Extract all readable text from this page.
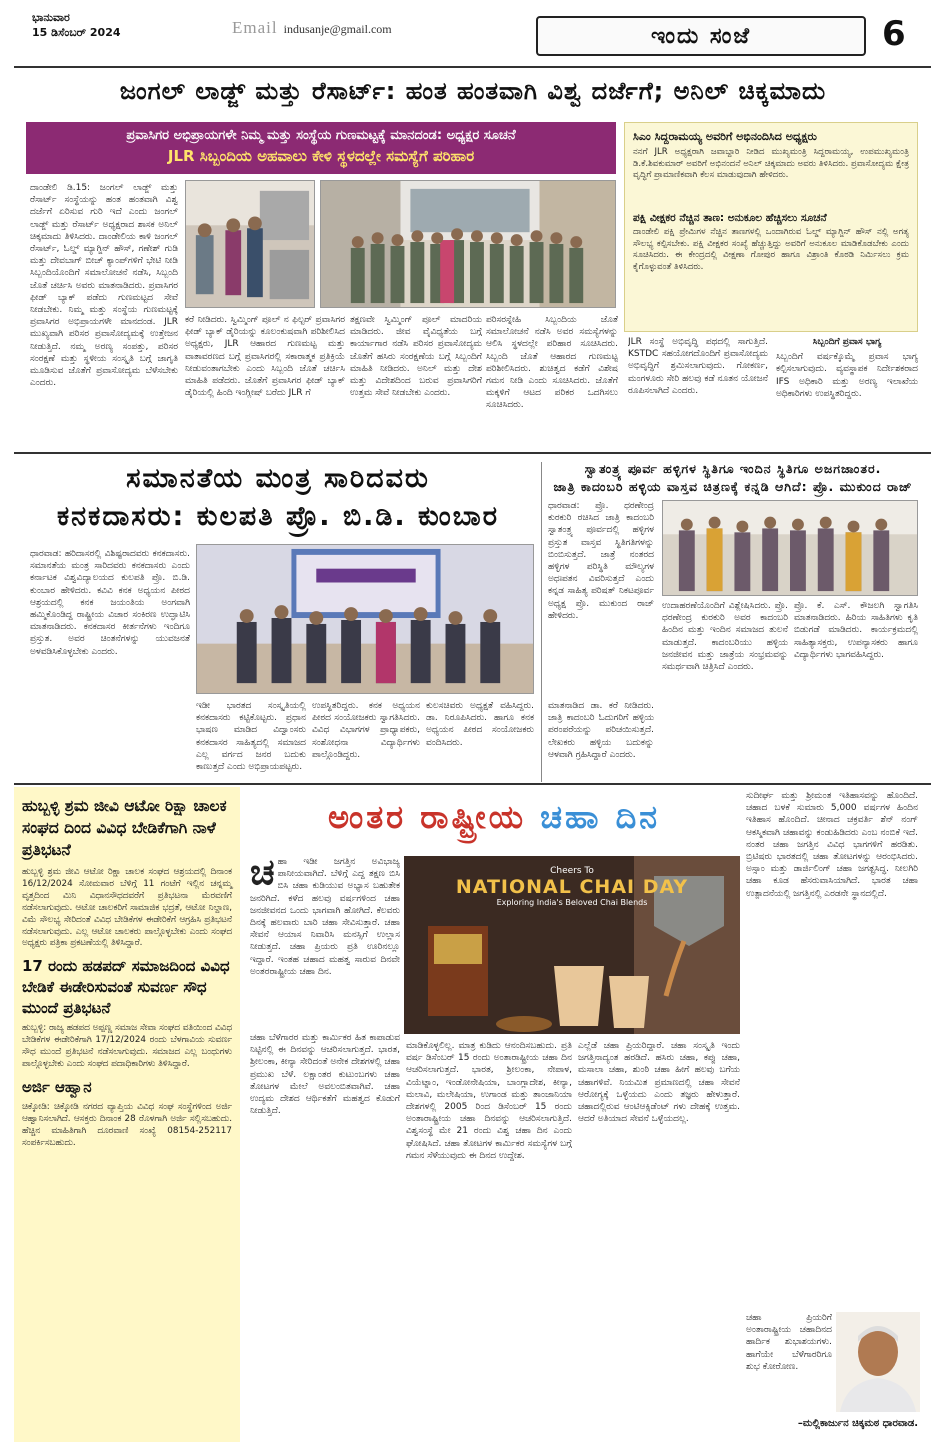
ಭಾನುವಾರ
15 ಡಿಸೆಂಬರ್ 2024	Email indusanje@gmail.com	ಇಂದು ಸಂಜೆ	6
ಜಂಗಲ್ ಲಾಡ್ಜ್ ಮತ್ತು ರೆಸಾರ್ಟ್: ಹಂತ ಹಂತವಾಗಿ ವಿಶ್ವ ದರ್ಜೆಗೆ; ಅನಿಲ್ ಚಿಕ್ಕಮಾದು
ಪ್ರವಾಸಿಗರ ಅಭಿಪ್ರಾಯಗಳೇ ನಿಮ್ಮ ಮತ್ತು ಸಂಸ್ಥೆಯ ಗುಣಮಟ್ಟಕ್ಕೆ ಮಾನದಂಡ: ಅಧ್ಯಕ್ಷರ ಸೂಚನೆ
JLR ಸಿಬ್ಬಂದಿಯ ಅಹವಾಲು ಕೇಳಿ ಸ್ಥಳದಲ್ಲೇ ಸಮಸ್ಯೆಗೆ ಪರಿಹಾರ
ದಾಂಡೇಲಿ ಡಿ.15: ಜಂಗಲ್ ಲಾಡ್ಜ್ ಮತ್ತು ರೆಸಾರ್ಟ್ ಸಂಸ್ಥೆಯನ್ನು ಹಂತ ಹಂತವಾಗಿ ವಿಶ್ವ ದರ್ಜೆಗೆ ಏರಿಸುವ ಗುರಿ ಇದೆ ಎಂದು ಜಂಗಲ್ ಲಾಡ್ಜ್ ಮತ್ತು ರೆಸಾರ್ಟ್ ಅಧ್ಯಕ್ಷರಾದ ಶಾಸಕ ಅನಿಲ್ ಚಿಕ್ಕಮಾದು ತಿಳಿಸಿದರು. ದಾಂಡೇಲಿಯ ಕಾಳಿ ಜಂಗಲ್ ರೆಸಾರ್ಟ್, ಓಲ್ಡ್ ಮ್ಯಾಗ್ಜಿನ್ ಹೌಸ್, ಗಣೇಶ್ ಗುಡಿ ಮತ್ತು ದೇವಬಾಗ್ ಬೀಚ್ ಕ್ಯಾಂಪ್‌ಗಳಿಗೆ ಭೇಟಿ ನೀಡಿ ಸಿಬ್ಬಂದಿಯೊಂದಿಗೆ ಸಮಾಲೋಚನೆ ನಡೆಸಿ, ಸಿಬ್ಬಂದಿ ಜೊತೆ ಚರ್ಚಿಸಿ ಅವರು ಮಾತನಾಡಿದರು. ಪ್ರವಾಸಿಗರ ಫೀಡ್ ಬ್ಯಾಕ್ ಪಡೆದು ಗುಣಮಟ್ಟದ ಸೇವೆ ನೀಡಬೇಕು. ನಿಮ್ಮ ಮತ್ತು ಸಂಸ್ಥೆಯ ಗುಣಮಟ್ಟಕ್ಕೆ ಪ್ರವಾಸಿಗರ ಅಭಿಪ್ರಾಯಗಳೇ ಮಾನದಂಡ. JLR ಮುಖ್ಯವಾಗಿ ಪರಿಸರ ಪ್ರವಾಸೋದ್ಯಮಕ್ಕೆ ಉತ್ತೇಜನ ನೀಡುತ್ತಿದೆ. ನಮ್ಮ ಅರಣ್ಯ ಸಂಪತ್ತು, ಪರಿಸರ ಸಂರಕ್ಷಣೆ ಮತ್ತು ಸ್ಥಳೀಯ ಸಂಸ್ಕೃತಿ ಬಗ್ಗೆ ಜಾಗೃತಿ ಮೂಡಿಸುವ ಜೊತೆಗೆ ಪ್ರವಾಸೋದ್ಯಮ ಬೆಳೆಸಬೇಕು ಎಂದರು.
ಕರೆ ನೀಡಿದರು. ಸ್ವಿಮ್ಮಿಂಗ್ ಪೂಲ್ ನ ಫಿಲ್ಟರ್ ಪ್ರವಾಸಿಗರ ಫೀಡ್ ಬ್ಯಾಕ್ ಡೈರಿಯನ್ನು ಕೂಲಂಕುಷವಾಗಿ ಪರಿಶೀಲಿಸಿದ ಅಧ್ಯಕ್ಷರು, JLR ಆಹಾರದ ಗುಣಮಟ್ಟ ಮತ್ತು ವಾತಾವರಣದ ಬಗ್ಗೆ ಪ್ರವಾಸಿಗರಲ್ಲಿ ಸಕಾರಾತ್ಮಕ ಪ್ರತಿಕ್ರಿಯೆ ನೀಡುವಂತಾಗಬೇಕು ಎಂದು ಸಿಬ್ಬಂದಿ ಜೊತೆ ಚರ್ಚಿಸಿ ಮಾಹಿತಿ ಪಡೆದರು. ಜೊತೆಗೆ ಪ್ರವಾಸಿಗರ ಫೀಡ್ ಬ್ಯಾಕ್ ಡೈರಿಯಲ್ಲಿ ಹಿಂದಿ ಇಂಗ್ಲೀಷ್ ಬರೆದು JLR ಗೆ
ತಕ್ಷಣವೇ ಸ್ವಿಮ್ಮಿಂಗ್ ಪೂಲ್ ಮಾದರಿಯ ಮಾಡಿದರು. ಜೀವ ವೈವಿಧ್ಯತೆಯ ಬಗ್ಗೆ ಕಾರ್ಯಾಗಾರ ನಡೆಸಿ ಪರಿಸರ ಪ್ರವಾಸೋದ್ಯಮ ಜೊತೆಗೆ ಹಸಿರು ಸಂರಕ್ಷಣೆಯ ಬಗ್ಗೆ ಸಿಬ್ಬಂದಿಗೆ ಮಾಹಿತಿ ನೀಡಿದರು. ಅನಿಲ್ ಮತ್ತು ದೇಶ ಮತ್ತು ವಿದೇಶದಿಂದ ಬರುವ ಪ್ರವಾಸಿಗರಿಗೆ ಉತ್ತಮ ಸೇವೆ ನೀಡಬೇಕು ಎಂದರು.
ಪರಿಸರಸ್ನೇಹಿ ಸಿಬ್ಬಂದಿಯ ಜೊತೆ ಸಮಾಲೋಚನೆ ನಡೆಸಿ ಅವರ ಸಮಸ್ಯೆಗಳನ್ನು ಆಲಿಸಿ ಸ್ಥಳದಲ್ಲೇ ಪರಿಹಾರ ಸೂಚಿಸಿದರು. ಸಿಬ್ಬಂದಿ ಜೊತೆ ಆಹಾರದ ಗುಣಮಟ್ಟ ಪರಿಶೀಲಿಸಿದರು. ಶುಚಿತ್ವದ ಕಡೆಗೆ ವಿಶೇಷ ಗಮನ ನೀಡಿ ಎಂದು ಸೂಚಿಸಿದರು. ಜೊತೆಗೆ ಮಕ್ಕಳಿಗೆ ಆಟದ ಪರಿಕರ ಒದಗಿಸಲು ಸೂಚಿಸಿದರು.
ಸಿಎಂ ಸಿದ್ದರಾಮಯ್ಯ ಅವರಿಗೆ ಅಭಿನಂದಿಸಿದ ಅಧ್ಯಕ್ಷರು
ನನಗೆ JLR ಅಧ್ಯಕ್ಷರಾಗಿ ಜವಾಬ್ದಾರಿ ನೀಡಿದ ಮುಖ್ಯಮಂತ್ರಿ ಸಿದ್ದರಾಮಯ್ಯ, ಉಪಮುಖ್ಯಮಂತ್ರಿ ಡಿ.ಕೆ.ಶಿವಕುಮಾರ್ ಅವರಿಗೆ ಅಭಿನಂದನೆ ಅನಿಲ್ ಚಿಕ್ಕಮಾದು ಅವರು ತಿಳಿಸಿದರು. ಪ್ರವಾಸೋದ್ಯಮ ಕ್ಷೇತ್ರ ವೃದ್ಧಿಗೆ ಪ್ರಾಮಾಣಿಕವಾಗಿ ಕೆಲಸ ಮಾಡುವುದಾಗಿ ಹೇಳಿದರು.
ಪಕ್ಷಿ ವೀಕ್ಷಕರ ನೆಚ್ಚಿನ ತಾಣ: ಅನುಕೂಲ ಹೆಚ್ಚಿಸಲು ಸೂಚನೆ
ದಾಂಡೇಲಿ ಪಕ್ಷಿ ಪ್ರೇಮಿಗಳ ನೆಚ್ಚಿನ ತಾಣಗಳಲ್ಲಿ ಒಂದಾಗಿರುವ ಓಲ್ಡ್ ಮ್ಯಾಗ್ಜಿನ್ ಹೌಸ್ ನಲ್ಲಿ ಅಗತ್ಯ ಸೌಲಭ್ಯ ಕಲ್ಪಿಸಬೇಕು. ಪಕ್ಷಿ ವೀಕ್ಷಕರ ಸಂಖ್ಯೆ ಹೆಚ್ಚುತ್ತಿದ್ದು ಅವರಿಗೆ ಅನುಕೂಲ ಮಾಡಿಕೊಡಬೇಕು ಎಂದು ಸೂಚಿಸಿದರು. ಈ ಕೇಂದ್ರದಲ್ಲಿ ವೀಕ್ಷಣಾ ಗೋಪುರ ಹಾಗೂ ವಿಶ್ರಾಂತಿ ಕೊಠಡಿ ನಿರ್ಮಿಸಲು ಕ್ರಮ ಕೈಗೊಳ್ಳುವಂತೆ ತಿಳಿಸಿದರು.
JLR ಸಂಸ್ಥೆ ಅಭಿವೃದ್ಧಿ ಪಥದಲ್ಲಿ ಸಾಗುತ್ತಿದೆ. KSTDC ಸಹಯೋಗದೊಂದಿಗೆ ಪ್ರವಾಸೋದ್ಯಮ ಅಭಿವೃದ್ಧಿಗೆ ಶ್ರಮಿಸಲಾಗುವುದು. ಗೋಕರ್ಣ, ಮಂಗಳೂರು ಸೇರಿ ಹಲವು ಕಡೆ ನೂತನ ಯೋಜನೆ ರೂಪಿಸಲಾಗಿದೆ ಎಂದರು.

ಸಿಬ್ಬಂದಿಗೆ ಪ್ರವಾಸ ಭಾಗ್ಯ

ಸಿಬ್ಬಂದಿಗೆ ವರ್ಷಕ್ಕೊಮ್ಮೆ ಪ್ರವಾಸ ಭಾಗ್ಯ ಕಲ್ಪಿಸಲಾಗುವುದು. ವ್ಯವಸ್ಥಾಪಕ ನಿರ್ದೇಶಕರಾದ IFS ಅಧಿಕಾರಿ ಮತ್ತು ಅರಣ್ಯ ಇಲಾಖೆಯ ಅಧಿಕಾರಿಗಳು ಉಪಸ್ಥಿತರಿದ್ದರು.

ಸಮಾನತೆಯ ಮಂತ್ರ ಸಾರಿದವರು
ಕನಕದಾಸರು: ಕುಲಪತಿ ಪ್ರೊ. ಬಿ.ಡಿ. ಕುಂಬಾರ
ಧಾರವಾಡ: ಹರಿದಾಸರಲ್ಲಿ ವಿಶಿಷ್ಟರಾದವರು ಕನಕದಾಸರು. ಸಮಾನತೆಯ ಮಂತ್ರ ಸಾರಿದವರು ಕನಕದಾಸರು ಎಂದು ಕರ್ನಾಟಕ ವಿಶ್ವವಿದ್ಯಾಲಯದ ಕುಲಪತಿ ಪ್ರೊ. ಬಿ.ಡಿ. ಕುಂಬಾರ ಹೇಳಿದರು. ಕವಿವಿ ಕನಕ ಅಧ್ಯಯನ ಪೀಠದ ಆಶ್ರಯದಲ್ಲಿ ಕನಕ ಜಯಂತಿಯ ಅಂಗವಾಗಿ ಹಮ್ಮಿಕೊಂಡಿದ್ದ ರಾಷ್ಟ್ರೀಯ ವಿಚಾರ ಸಂಕಿರಣ ಉದ್ಘಾಟಿಸಿ ಮಾತನಾಡಿದರು. ಕನಕದಾಸರ ಕೀರ್ತನೆಗಳು ಇಂದಿಗೂ ಪ್ರಸ್ತುತ. ಅವರ ಚಿಂತನೆಗಳನ್ನು ಯುವಜನತೆ ಅಳವಡಿಸಿಕೊಳ್ಳಬೇಕು ಎಂದರು.
ಇಡೀ ಭಾರತದ ಸಂಸ್ಕೃತಿಯಲ್ಲಿ ಕನಕದಾಸರು ಕಟ್ಟಿಕೊಟ್ಟರು. ಪ್ರಧಾನ ಭಾಷಣ ಮಾಡಿದ ವಿದ್ವಾಂಸರು ಕನಕದಾಸರ ಸಾಹಿತ್ಯದಲ್ಲಿ ಸಮಾಜದ ಎಲ್ಲ ವರ್ಗದ ಜನರ ಬದುಕು ಕಾಣುತ್ತದೆ ಎಂದು ಅಭಿಪ್ರಾಯಪಟ್ಟರು.
ಉಪಸ್ಥಿತರಿದ್ದರು. ಕನಕ ಅಧ್ಯಯನ ಪೀಠದ ಸಂಯೋಜಕರು ಸ್ವಾಗತಿಸಿದರು. ವಿವಿಧ ವಿಭಾಗಗಳ ಪ್ರಾಧ್ಯಾಪಕರು, ಸಂಶೋಧನಾ ವಿದ್ಯಾರ್ಥಿಗಳು ಪಾಲ್ಗೊಂಡಿದ್ದರು.
ಕುಲಸಚಿವರು ಅಧ್ಯಕ್ಷತೆ ವಹಿಸಿದ್ದರು. ಡಾ. ನಿರೂಪಿಸಿದರು. ಹಾಗೂ ಕನಕ ಅಧ್ಯಯನ ಪೀಠದ ಸಂಯೋಜಕರು ವಂದಿಸಿದರು.
ಸ್ವಾತಂತ್ರ್ಯ ಪೂರ್ವ ಹಳ್ಳಿಗಳ ಸ್ಥಿತಿಗೂ ಇಂದಿನ ಸ್ಥಿತಿಗೂ ಅಜಗಜಾಂತರ.
ಜಾತ್ರಿ ಕಾದಂಬರಿ ಹಳ್ಳಿಯ ವಾಸ್ತವ ಚಿತ್ರಣಕ್ಕೆ ಕನ್ನಡಿ ಆಗಿದೆ: ಪ್ರೊ. ಮುಕುಂದ ರಾಜ್
ಧಾರವಾಡ: ಪ್ರೊ. ಧರಣೇಂದ್ರ ಕುರಕುರಿ ರಚಿಸಿದ ಜಾತ್ರಿ ಕಾದಂಬರಿ ಸ್ವಾತಂತ್ರ್ಯ ಪೂರ್ವದಲ್ಲಿ ಹಳ್ಳಿಗಳ ಪ್ರಸ್ತುತ ವಾಸ್ತವ ಸ್ಥಿತಿಗತಿಗಳನ್ನು ಬಿಂಬಿಸುತ್ತದೆ. ಜಾತ್ರೆ ನಂತರದ ಹಳ್ಳಿಗಳ ಪರಿಸ್ಥಿತಿ ಮೌಲ್ಯಗಳ ಅಧಃಪತನ ವಿವರಿಸುತ್ತದೆ ಎಂದು ಕನ್ನಡ ಸಾಹಿತ್ಯ ಪರಿಷತ್ ನಿಕಟಪೂರ್ವ ಅಧ್ಯಕ್ಷ ಪ್ರೊ. ಮುಕುಂದ ರಾಜ್ ಹೇಳಿದರು.
ಮಾತನಾಡಿದ ಡಾ. ಕರೆ ನೀಡಿದರು. ಜಾತ್ರಿ ಕಾದಂಬರಿ ಓದುಗರಿಗೆ ಹಳ್ಳಿಯ ಪರಂಪರೆಯನ್ನು ಪರಿಚಯಿಸುತ್ತದೆ. ಲೇಖಕರು ಹಳ್ಳಿಯ ಬದುಕನ್ನು ಆಳವಾಗಿ ಗ್ರಹಿಸಿದ್ದಾರೆ ಎಂದರು.
ಉದಾಹರಣೆಯೊಂದಿಗೆ ವಿಶ್ಲೇಷಿಸಿದರು. ಪ್ರೊ. ಧರಣೇಂದ್ರ ಕುರಕುರಿ ಅವರ ಕಾದಂಬರಿ ಹಿಂದಿನ ಮತ್ತು ಇಂದಿನ ಸಮಾಜದ ತುಲನೆ ಮಾಡುತ್ತದೆ. ಕಾದಂಬರಿಯು ಹಳ್ಳಿಯ ಜನಜೀವನ ಮತ್ತು ಜಾತ್ರೆಯ ಸಂಭ್ರಮವನ್ನು ಸಮರ್ಥವಾಗಿ ಚಿತ್ರಿಸಿದೆ ಎಂದರು.
ಪ್ರೊ. ಕೆ. ಎಸ್. ಕೌಜಲಗಿ ಸ್ವಾಗತಿಸಿ ಮಾತನಾಡಿದರು. ಹಿರಿಯ ಸಾಹಿತಿಗಳು ಕೃತಿ ಬಿಡುಗಡೆ ಮಾಡಿದರು. ಕಾರ್ಯಕ್ರಮದಲ್ಲಿ ಸಾಹಿತ್ಯಾಸಕ್ತರು, ಉಪನ್ಯಾಸಕರು ಹಾಗೂ ವಿದ್ಯಾರ್ಥಿಗಳು ಭಾಗವಹಿಸಿದ್ದರು.
ಹುಬ್ಬಳ್ಳಿ ಶ್ರಮ ಜೀವಿ ಆಟೋ ರಿಕ್ಷಾ ಚಾಲಕ ಸಂಘದ ದಿಂದ ವಿವಿಧ ಬೇಡಿಕೆಗಾಗಿ ನಾಳೆ ಪ್ರತಿಭಟನೆ
ಹುಬ್ಬಳ್ಳಿ ಶ್ರಮ ಜೀವಿ ಆಟೋ ರಿಕ್ಷಾ ಚಾಲಕ ಸಂಘದ ಆಶ್ರಯದಲ್ಲಿ ದಿನಾಂಕ 16/12/2024 ಸೋಮವಾರ ಬೆಳಿಗ್ಗೆ 11 ಗಂಟೆಗೆ ಇಲ್ಲಿನ ಚನ್ನಮ್ಮ ವೃತ್ತದಿಂದ ಮಿನಿ ವಿಧಾನಸೌಧದವರೆಗೆ ಪ್ರತಿಭಟನಾ ಮೆರವಣಿಗೆ ನಡೆಸಲಾಗುವುದು. ಆಟೋ ಚಾಲಕರಿಗೆ ಸಾಮಾಜಿಕ ಭದ್ರತೆ, ಆಟೋ ನಿಲ್ದಾಣ, ವಿಮೆ ಸೌಲಭ್ಯ ಸೇರಿದಂತೆ ವಿವಿಧ ಬೇಡಿಕೆಗಳ ಈಡೇರಿಕೆಗೆ ಆಗ್ರಹಿಸಿ ಪ್ರತಿಭಟನೆ ನಡೆಸಲಾಗುವುದು. ಎಲ್ಲ ಆಟೋ ಚಾಲಕರು ಪಾಲ್ಗೊಳ್ಳಬೇಕು ಎಂದು ಸಂಘದ ಅಧ್ಯಕ್ಷರು ಪತ್ರಿಕಾ ಪ್ರಕಟಣೆಯಲ್ಲಿ ತಿಳಿಸಿದ್ದಾರೆ.
17 ರಂದು ಹಡಪದ್ ಸಮಾಜದಿಂದ ವಿವಿಧ ಬೇಡಿಕೆ ಈಡೇರಿಸುವಂತೆ ಸುವರ್ಣ ಸೌಧ ಮುಂದೆ ಪ್ರತಿಭಟನೆ
ಹುಬ್ಬಳ್ಳಿ: ರಾಜ್ಯ ಹಡಪದ ಅಪ್ಪಣ್ಣ ಸಮಾಜ ಸೇವಾ ಸಂಘದ ವತಿಯಿಂದ ವಿವಿಧ ಬೇಡಿಕೆಗಳ ಈಡೇರಿಕೆಗಾಗಿ 17/12/2024 ರಂದು ಬೆಳಗಾವಿಯ ಸುವರ್ಣ ಸೌಧ ಮುಂದೆ ಪ್ರತಿಭಟನೆ ನಡೆಸಲಾಗುವುದು. ಸಮಾಜದ ಎಲ್ಲ ಬಂಧುಗಳು ಪಾಲ್ಗೊಳ್ಳಬೇಕು ಎಂದು ಸಂಘದ ಪದಾಧಿಕಾರಿಗಳು ತಿಳಿಸಿದ್ದಾರೆ.
ಅರ್ಜಿ ಆಹ್ವಾನ
ಚಿಕ್ಕೋಡಿ: ಚಿಕ್ಕೋಡಿ ನಗರದ ವ್ಯಾಪ್ತಿಯ ವಿವಿಧ ಸಂಘ ಸಂಸ್ಥೆಗಳಿಂದ ಅರ್ಜಿ ಆಹ್ವಾನಿಸಲಾಗಿದೆ. ಆಸಕ್ತರು ದಿನಾಂಕ 28 ರೊಳಗಾಗಿ ಅರ್ಜಿ ಸಲ್ಲಿಸಬಹುದು. ಹೆಚ್ಚಿನ ಮಾಹಿತಿಗಾಗಿ ದೂರವಾಣಿ ಸಂಖ್ಯೆ 08154-252117 ಸಂಪರ್ಕಿಸಬಹುದು.
ಅಂತರ ರಾಷ್ಟ್ರೀಯ ಚಹಾ ದಿನ
ಚಹಾ ಇಡೀ ಜಗತ್ತಿನ ಅವಿಭಾಜ್ಯ ಪಾನೀಯವಾಗಿದೆ. ಬೆಳಿಗ್ಗೆ ಎದ್ದ ತಕ್ಷಣ ಬಿಸಿ ಬಿಸಿ ಚಹಾ ಕುಡಿಯುವ ಅಭ್ಯಾಸ ಬಹುತೇಕ ಜನರಿಗಿದೆ. ಕಳೆದ ಹಲವು ವರ್ಷಗಳಿಂದ ಚಹಾ ಜನಜೀವನದ ಒಂದು ಭಾಗವಾಗಿ ಹೋಗಿದೆ. ಕೆಲವರು ದಿನಕ್ಕೆ ಹಲವಾರು ಬಾರಿ ಚಹಾ ಸೇವಿಸುತ್ತಾರೆ. ಚಹಾ ಸೇವನೆ ಆಯಾಸ ನಿವಾರಿಸಿ ಮನಸ್ಸಿಗೆ ಉಲ್ಲಾಸ ನೀಡುತ್ತದೆ. ಚಹಾ ಪ್ರಿಯರು ಪ್ರತಿ ಊರಿನಲ್ಲೂ ಇದ್ದಾರೆ. ಇಂತಹ ಚಹಾದ ಮಹತ್ವ ಸಾರುವ ದಿನವೇ ಅಂತರರಾಷ್ಟ್ರೀಯ ಚಹಾ ದಿನ.
ಚಹಾ ಬೆಳೆಗಾರರ ಮತ್ತು ಕಾರ್ಮಿಕರ ಹಿತ ಕಾಪಾಡುವ ನಿಟ್ಟಿನಲ್ಲಿ ಈ ದಿನವನ್ನು ಆಚರಿಸಲಾಗುತ್ತದೆ. ಭಾರತ, ಶ್ರೀಲಂಕಾ, ಕೀನ್ಯಾ ಸೇರಿದಂತೆ ಅನೇಕ ದೇಶಗಳಲ್ಲಿ ಚಹಾ ಪ್ರಮುಖ ಬೆಳೆ. ಲಕ್ಷಾಂತರ ಕುಟುಂಬಗಳು ಚಹಾ ತೋಟಗಳ ಮೇಲೆ ಅವಲಂಬಿತವಾಗಿವೆ. ಚಹಾ ಉದ್ಯಮ ದೇಶದ ಆರ್ಥಿಕತೆಗೆ ಮಹತ್ವದ ಕೊಡುಗೆ ನೀಡುತ್ತಿದೆ.
Cheers To
NATIONAL CHAI DAY
Exploring India's Beloved Chai Blends
ಮಾಡಿಕೊಳ್ಳಲಿಲ್ಲ. ಮಾತ್ರ ಕುಡಿದು ಆನಂದಿಸಬಹುದು. ಪ್ರತಿ ವರ್ಷ ಡಿಸೆಂಬರ್ 15 ರಂದು ಅಂತಾರಾಷ್ಟ್ರೀಯ ಚಹಾ ದಿನ ಆಚರಿಸಲಾಗುತ್ತದೆ. ಭಾರತ, ಶ್ರೀಲಂಕಾ, ನೇಪಾಳ, ವಿಯೆಟ್ನಾಂ, ಇಂಡೋನೇಷಿಯಾ, ಬಾಂಗ್ಲಾದೇಶ, ಕೀನ್ಯಾ, ಮಲಾವಿ, ಮಲೇಷಿಯಾ, ಉಗಾಂಡ ಮತ್ತು ತಾಂಜಾನಿಯಾ ದೇಶಗಳಲ್ಲಿ 2005 ರಿಂದ ಡಿಸೆಂಬರ್ 15 ರಂದು ಅಂತಾರಾಷ್ಟ್ರೀಯ ಚಹಾ ದಿನವನ್ನು ಆಚರಿಸಲಾಗುತ್ತಿದೆ. ವಿಶ್ವಸಂಸ್ಥೆ ಮೇ 21 ರಂದು ವಿಶ್ವ ಚಹಾ ದಿನ ಎಂದು ಘೋಷಿಸಿದೆ. ಚಹಾ ತೋಟಗಳ ಕಾರ್ಮಿಕರ ಸಮಸ್ಯೆಗಳ ಬಗ್ಗೆ ಗಮನ ಸೆಳೆಯುವುದು ಈ ದಿನದ ಉದ್ದೇಶ.
ಎಲ್ಲೆಡೆ ಚಹಾ ಪ್ರಿಯರಿದ್ದಾರೆ. ಚಹಾ ಸಂಸ್ಕೃತಿ ಇಂದು ಜಗತ್ತಿನಾದ್ಯಂತ ಹರಡಿದೆ. ಹಸಿರು ಚಹಾ, ಕಪ್ಪು ಚಹಾ, ಮಸಾಲಾ ಚಹಾ, ಶುಂಠಿ ಚಹಾ ಹೀಗೆ ಹಲವು ಬಗೆಯ ಚಹಾಗಳಿವೆ. ನಿಯಮಿತ ಪ್ರಮಾಣದಲ್ಲಿ ಚಹಾ ಸೇವನೆ ಆರೋಗ್ಯಕ್ಕೆ ಒಳ್ಳೆಯದು ಎಂದು ತಜ್ಞರು ಹೇಳುತ್ತಾರೆ. ಚಹಾದಲ್ಲಿರುವ ಆಂಟಿಆಕ್ಸಿಡೆಂಟ್ ಗಳು ದೇಹಕ್ಕೆ ಉತ್ತಮ. ಆದರೆ ಅತಿಯಾದ ಸೇವನೆ ಒಳ್ಳೆಯದಲ್ಲ.
ಸುದೀರ್ಘ ಮತ್ತು ಶ್ರೀಮಂತ ಇತಿಹಾಸವನ್ನು ಹೊಂದಿದೆ. ಚಹಾದ ಬಳಕೆ ಸುಮಾರು 5,000 ವರ್ಷಗಳ ಹಿಂದಿನ ಇತಿಹಾಸ ಹೊಂದಿದೆ. ಚೀನಾದ ಚಕ್ರವರ್ತಿ ಶೆನ್ ನಂಗ್ ಆಕಸ್ಮಿಕವಾಗಿ ಚಹಾವನ್ನು ಕಂಡುಹಿಡಿದರು ಎಂಬ ನಂಬಿಕೆ ಇದೆ. ನಂತರ ಚಹಾ ಜಗತ್ತಿನ ವಿವಿಧ ಭಾಗಗಳಿಗೆ ಹರಡಿತು. ಬ್ರಿಟಿಷರು ಭಾರತದಲ್ಲಿ ಚಹಾ ತೋಟಗಳನ್ನು ಆರಂಭಿಸಿದರು. ಅಸ್ಸಾಂ ಮತ್ತು ಡಾರ್ಜಿಲಿಂಗ್ ಚಹಾ ಜಗತ್ಪ್ರಸಿದ್ಧ. ನೀಲಗಿರಿ ಚಹಾ ಕೂಡ ಹೆಸರುವಾಸಿಯಾಗಿದೆ. ಭಾರತ ಚಹಾ ಉತ್ಪಾದನೆಯಲ್ಲಿ ಜಗತ್ತಿನಲ್ಲಿ ಎರಡನೇ ಸ್ಥಾನದಲ್ಲಿದೆ.
ಚಹಾ ಪ್ರಿಯರಿಗೆ ಅಂತಾರಾಷ್ಟ್ರೀಯ ಚಹಾದಿನದ ಹಾರ್ದಿಕ ಶುಭಾಶಯಗಳು. ಹಾಗೆಯೇ ಬೆಳೆಗಾರರಿಗೂ ಶುಭ ಕೋರೋಣ.
–ಮಲ್ಲಿಕಾರ್ಜುನ ಚಿಕ್ಕಮಠ ಧಾರವಾಡ.
